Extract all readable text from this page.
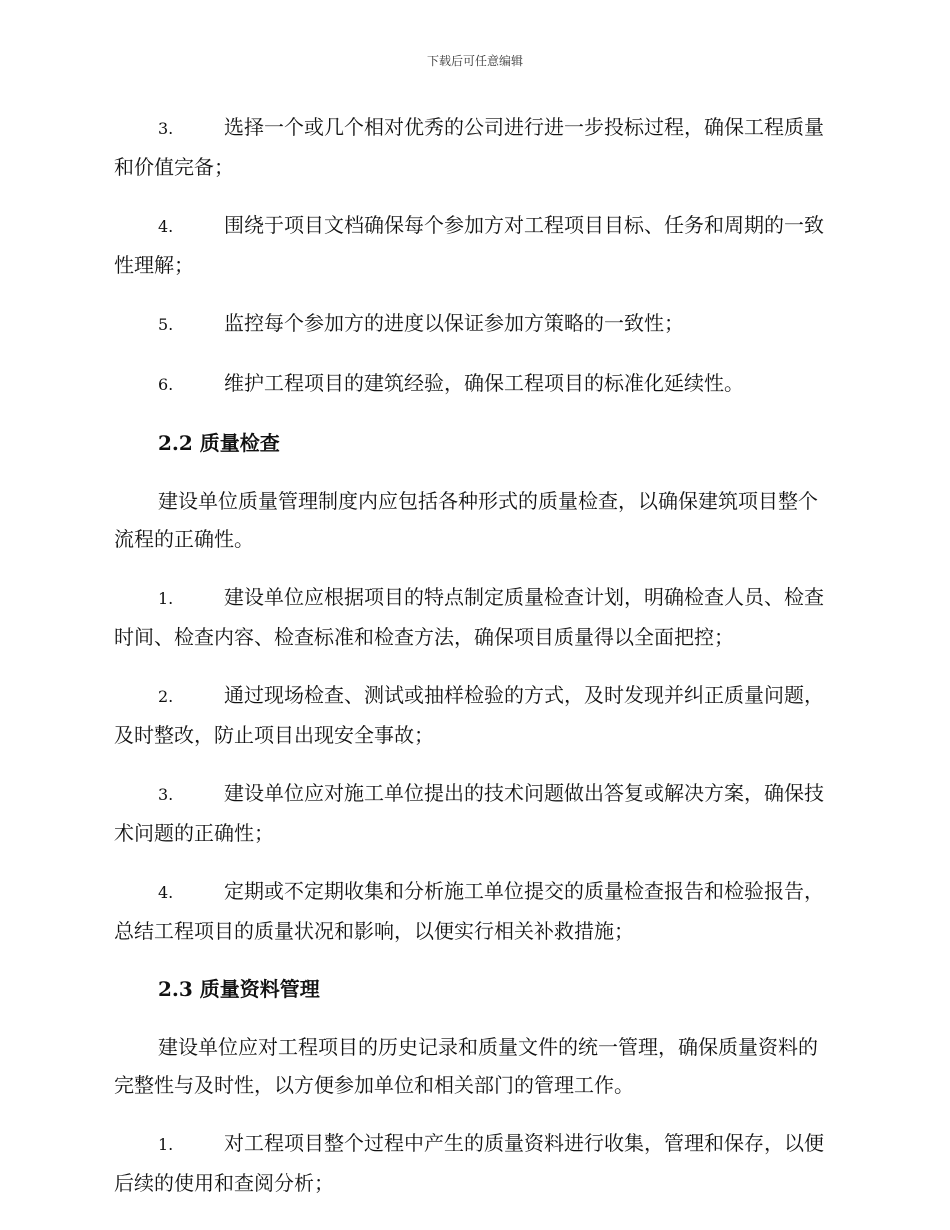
下载后可任意编辑

3.	选择一个或几个相对优秀的公司进行进一步投标过程，确保工程质量和价值完备；

4.	围绕于项目文档确保每个参加方对工程项目目标、任务和周期的一致性理解；

5.	监控每个参加方的进度以保证参加方策略的一致性；

6.	维护工程项目的建筑经验，确保工程项目的标准化延续性。

2.2 质量检查

建设单位质量管理制度内应包括各种形式的质量检查，以确保建筑项目整个流程的正确性。

1.	建设单位应根据项目的特点制定质量检查计划，明确检查人员、检查时间、检查内容、检查标准和检查方法，确保项目质量得以全面把控；

2.	通过现场检查、测试或抽样检验的方式，及时发现并纠正质量问题，及时整改，防止项目出现安全事故；

3.	建设单位应对施工单位提出的技术问题做出答复或解决方案，确保技术问题的正确性；

4.	定期或不定期收集和分析施工单位提交的质量检查报告和检验报告，总结工程项目的质量状况和影响，以便实行相关补救措施；

2.3 质量资料管理

建设单位应对工程项目的历史记录和质量文件的统一管理，确保质量资料的完整性与及时性，以方便参加单位和相关部门的管理工作。

1.	对工程项目整个过程中产生的质量资料进行收集，管理和保存，以便后续的使用和查阅分析；
